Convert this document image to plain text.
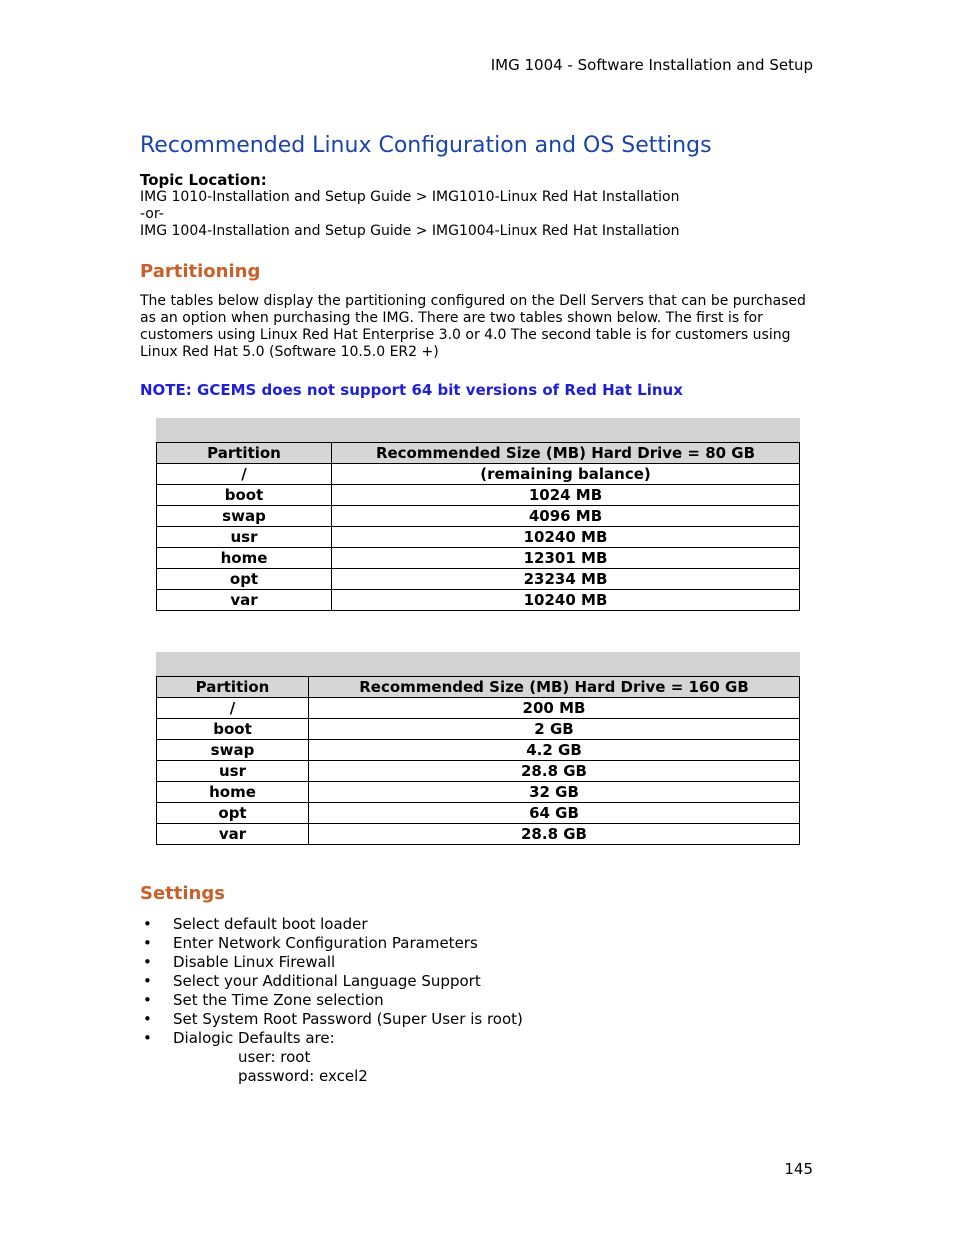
IMG 1004 - Software Installation and Setup
Recommended Linux Configuration and OS Settings
Topic Location:
IMG 1010-Installation and Setup Guide > IMG1010-Linux Red Hat Installation
-or-
IMG 1004-Installation and Setup Guide > IMG1004-Linux Red Hat Installation
Partitioning

The tables below display the partitioning configured on the Dell Servers that can be purchased as an option when purchasing the IMG. There are two tables shown below. The first is for customers using Linux Red Hat Enterprise 3.0 or 4.0 The second table is for customers using Linux Red Hat 5.0 (Software 10.5.0 ER2 +)

NOTE: GCEMS does not support 64 bit versions of Red Hat Linux
Partition	Recommended Size (MB) Hard Drive = 80 GB
/	(remaining balance)
boot	1024 MB
swap	4096 MB
usr	10240 MB
home	12301 MB
opt	23234 MB
var	10240 MB
Partition	Recommended Size (MB) Hard Drive = 160 GB
/	200 MB
boot	2 GB
swap	4.2 GB
usr	28.8 GB
home	32 GB
opt	64 GB
var	28.8 GB
Settings
• Select default boot loader
• Enter Network Configuration Parameters
• Disable Linux Firewall
• Select your Additional Language Support
• Set the Time Zone selection
• Set System Root Password (Super User is root)
• Dialogic Defaults are:
user: root
password: excel2
145
